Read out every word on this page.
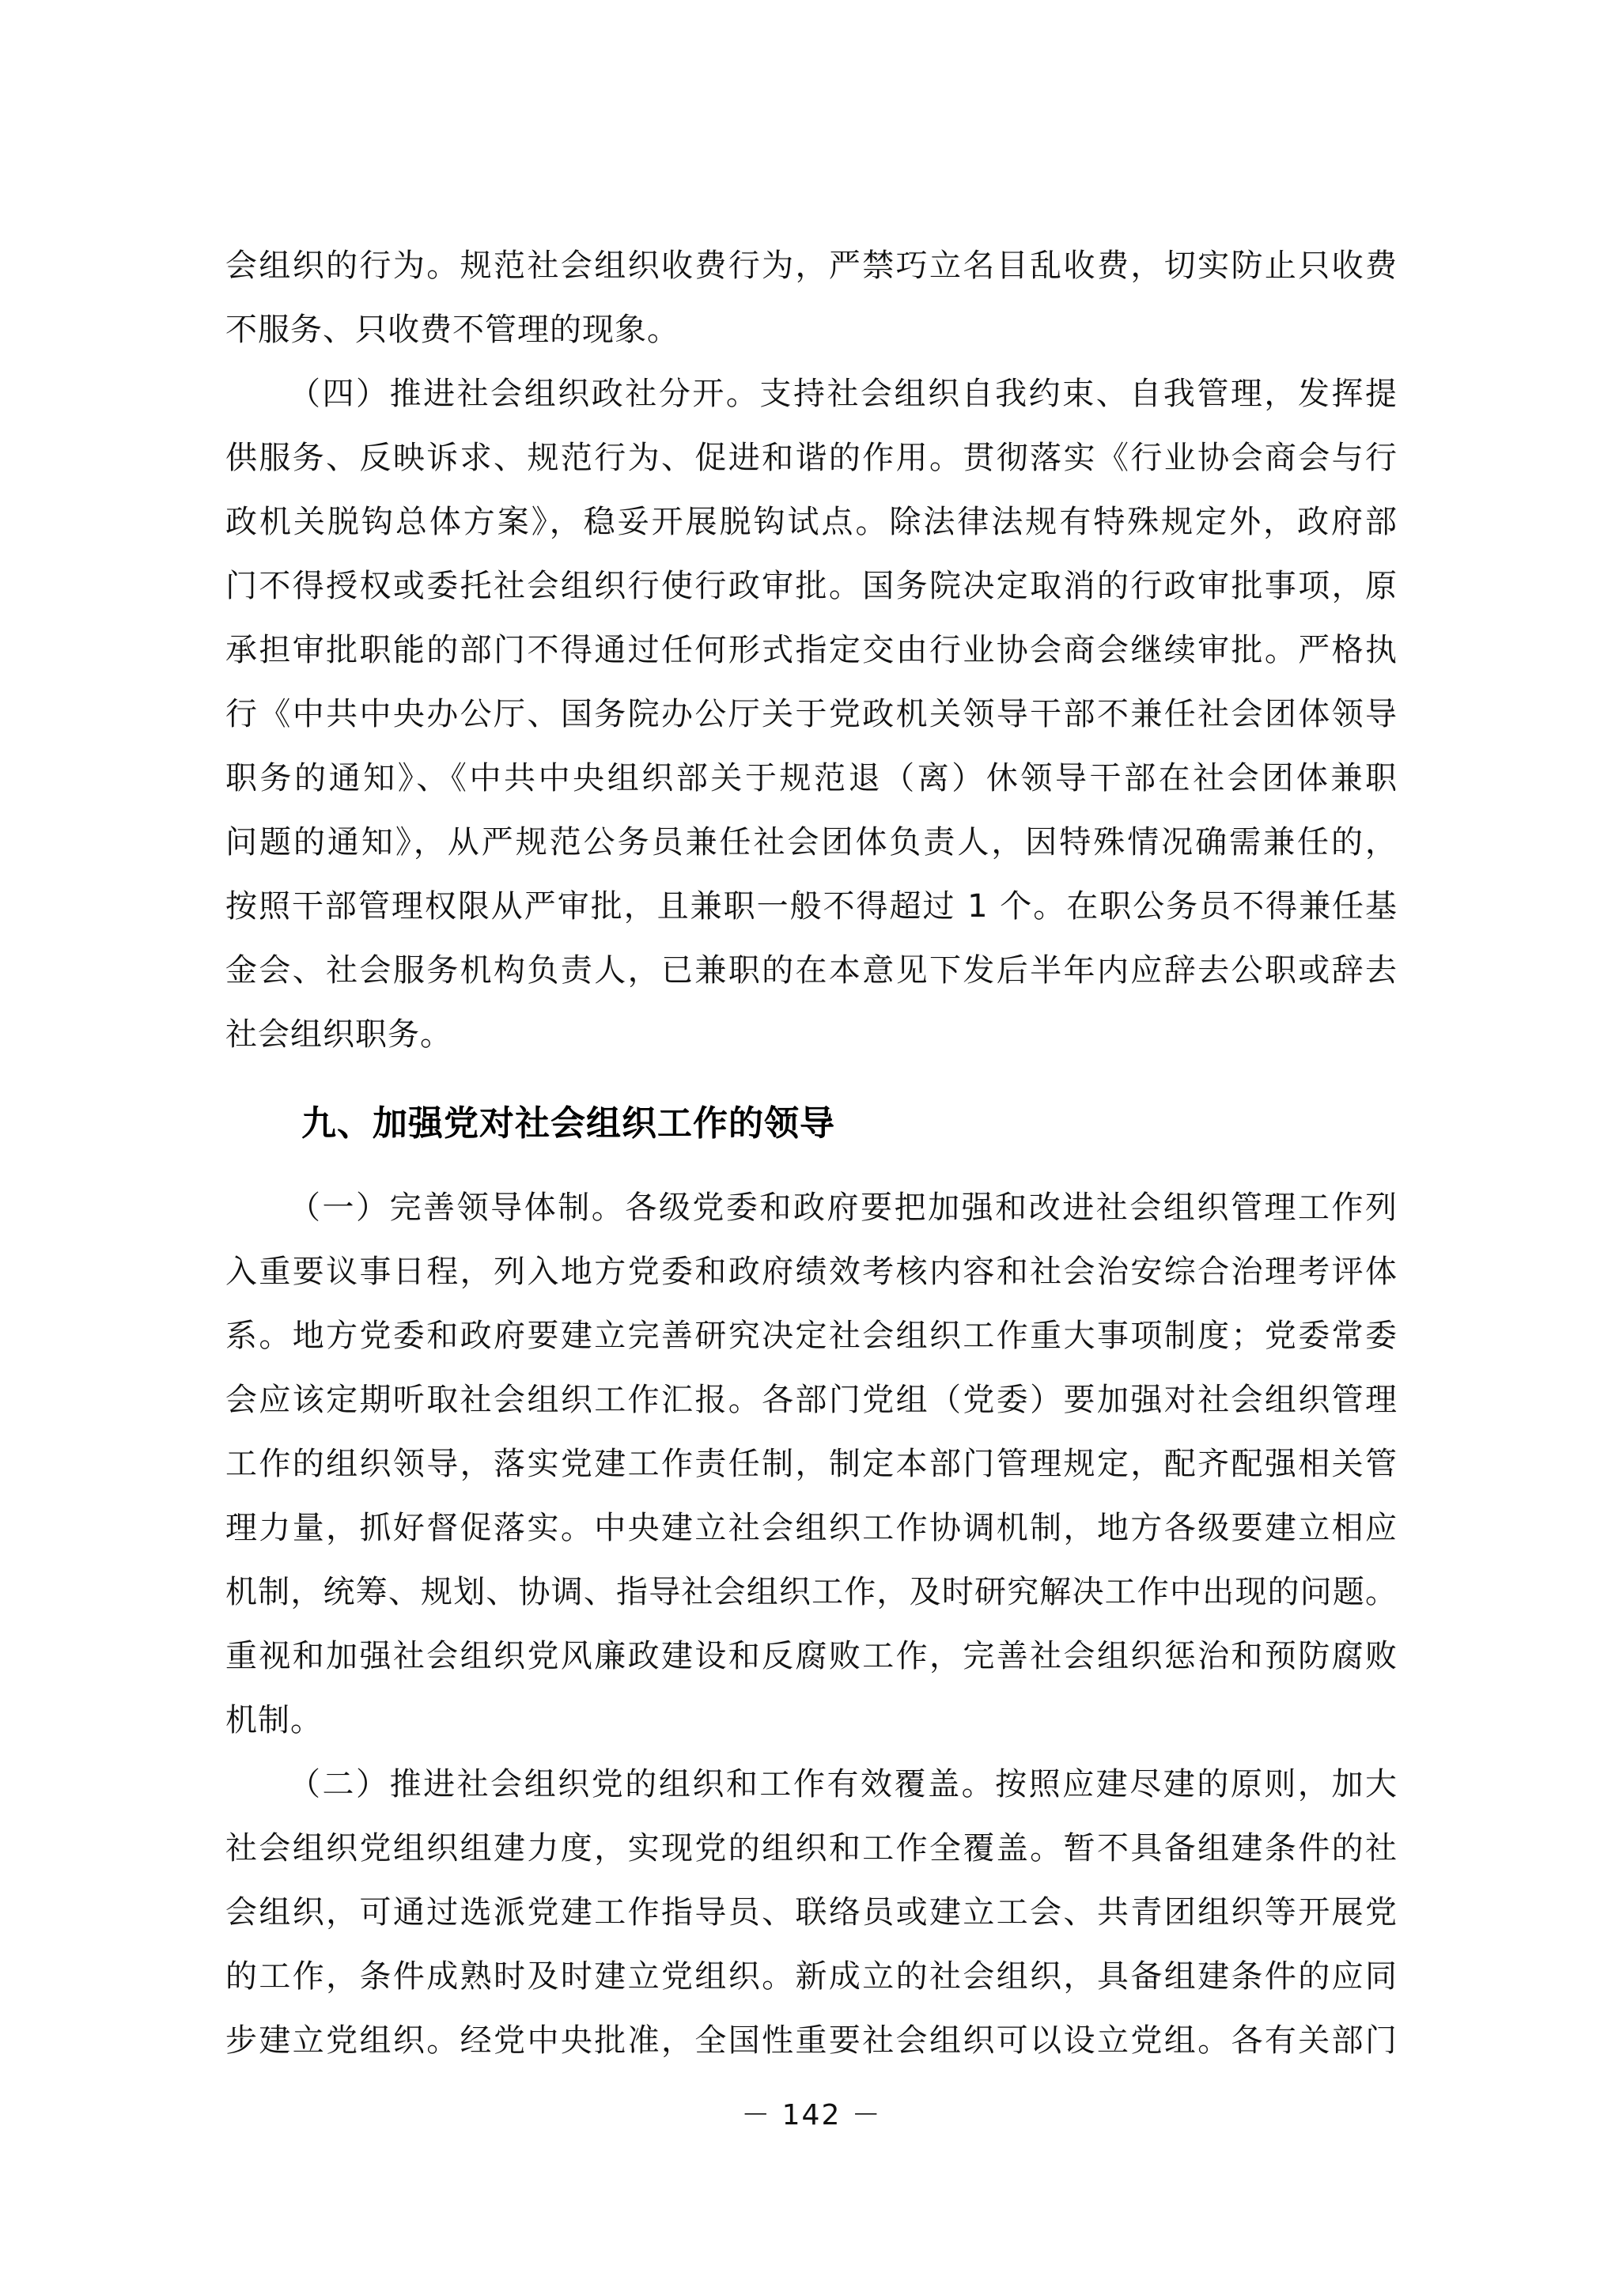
会组织的行为。规范社会组织收费行为，严禁巧立名目乱收费，切实防止只收费
不服务、只收费不管理的现象。

（四）推进社会组织政社分开。支持社会组织自我约束、自我管理，发挥提
供服务、反映诉求、规范行为、促进和谐的作用。贯彻落实《行业协会商会与行
政机关脱钩总体方案》，稳妥开展脱钩试点。除法律法规有特殊规定外，政府部
门不得授权或委托社会组织行使行政审批。国务院决定取消的行政审批事项，原
承担审批职能的部门不得通过任何形式指定交由行业协会商会继续审批。严格执
行《中共中央办公厅、国务院办公厅关于党政机关领导干部不兼任社会团体领导
职务的通知》、《中共中央组织部关于规范退（离）休领导干部在社会团体兼职
问题的通知》，从严规范公务员兼任社会团体负责人，因特殊情况确需兼任的，
按照干部管理权限从严审批，且兼职一般不得超过 1 个。在职公务员不得兼任基
金会、社会服务机构负责人，已兼职的在本意见下发后半年内应辞去公职或辞去
社会组织职务。

九、加强党对社会组织工作的领导

（一）完善领导体制。各级党委和政府要把加强和改进社会组织管理工作列
入重要议事日程，列入地方党委和政府绩效考核内容和社会治安综合治理考评体
系。地方党委和政府要建立完善研究决定社会组织工作重大事项制度；党委常委
会应该定期听取社会组织工作汇报。各部门党组（党委）要加强对社会组织管理
工作的组织领导，落实党建工作责任制，制定本部门管理规定，配齐配强相关管
理力量，抓好督促落实。中央建立社会组织工作协调机制，地方各级要建立相应
机制，统筹、规划、协调、指导社会组织工作，及时研究解决工作中出现的问题。
重视和加强社会组织党风廉政建设和反腐败工作，完善社会组织惩治和预防腐败
机制。

（二）推进社会组织党的组织和工作有效覆盖。按照应建尽建的原则，加大
社会组织党组织组建力度，实现党的组织和工作全覆盖。暂不具备组建条件的社
会组织，可通过选派党建工作指导员、联络员或建立工会、共青团组织等开展党
的工作，条件成熟时及时建立党组织。新成立的社会组织，具备组建条件的应同
步建立党组织。经党中央批准，全国性重要社会组织可以设立党组。各有关部门

－ 142 －
